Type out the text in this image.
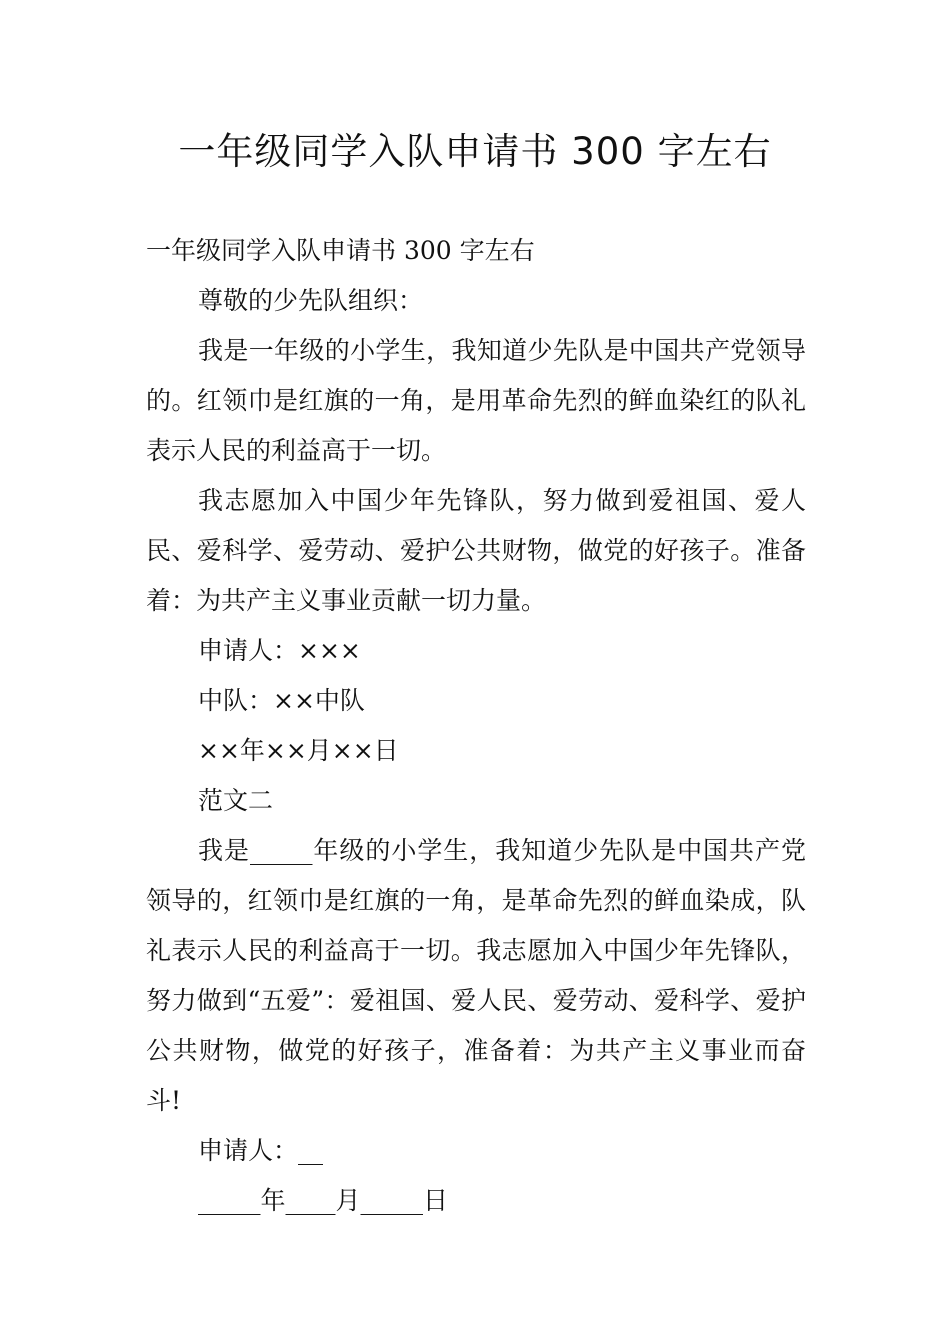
一年级同学入队申请书 300 字左右

一年级同学入队申请书 300 字左右

尊敬的少先队组织：

我是一年级的小学生，我知道少先队是中国共产党领导的。红领巾是红旗的一角，是用革命先烈的鲜血染红的队礼表示人民的利益高于一切。

我志愿加入中国少年先锋队，努力做到爱祖国、爱人民、爱科学、爱劳动、爱护公共财物，做党的好孩子。准备着：为共产主义事业贡献一切力量。

申请人：×××

中队：××中队

××年××月××日

范文二

我是_____年级的小学生，我知道少先队是中国共产党领导的，红领巾是红旗的一角，是革命先烈的鲜血染成，队礼表示人民的利益高于一切。我志愿加入中国少年先锋队，努力做到“五爱”：爱祖国、爱人民、爱劳动、爱科学、爱护公共财物，做党的好孩子，准备着：为共产主义事业而奋斗!

申请人：__

_____年____月_____日
